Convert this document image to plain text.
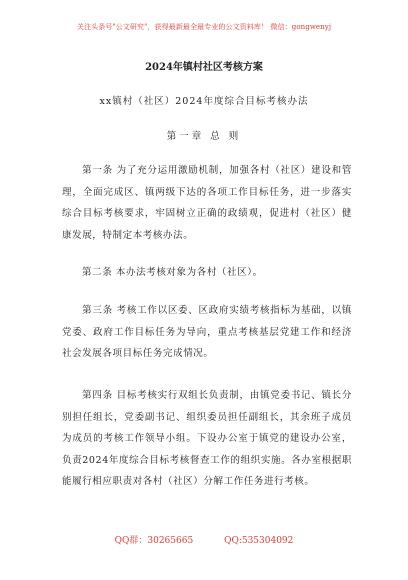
关注头条号"公文研究"，获得最新最全最专业的公文资料库！ 微信：gongwenyj
2024年镇村社区考核方案
xx镇村（社区）2024年度综合目标考核办法
第一章 总 则
第一条 为了充分运用激励机制，加强各村（社区）建设和管理，全面完成区、镇两级下达的各项工作目标任务，进一步落实综合目标考核要求，牢固树立正确的政绩观，促进村（社区）健康发展，特制定本考核办法。
第二条 本办法考核对象为各村（社区）。
第三条 考核工作以区委、区政府实绩考核指标为基础，以镇党委、政府工作目标任务为导向，重点考核基层党建工作和经济社会发展各项目标任务完成情况。
第四条 目标考核实行双组长负责制，由镇党委书记、镇长分别担任组长，党委副书记、组织委员担任副组长，其余班子成员为成员的考核工作领导小组。下设办公室于镇党的建设办公室，负责2024年度综合目标考核督查工作的组织实施。各办室根据职能履行相应职责对各村（社区）分解工作任务进行考核。
QQ群：30265665	QQ:535304092
